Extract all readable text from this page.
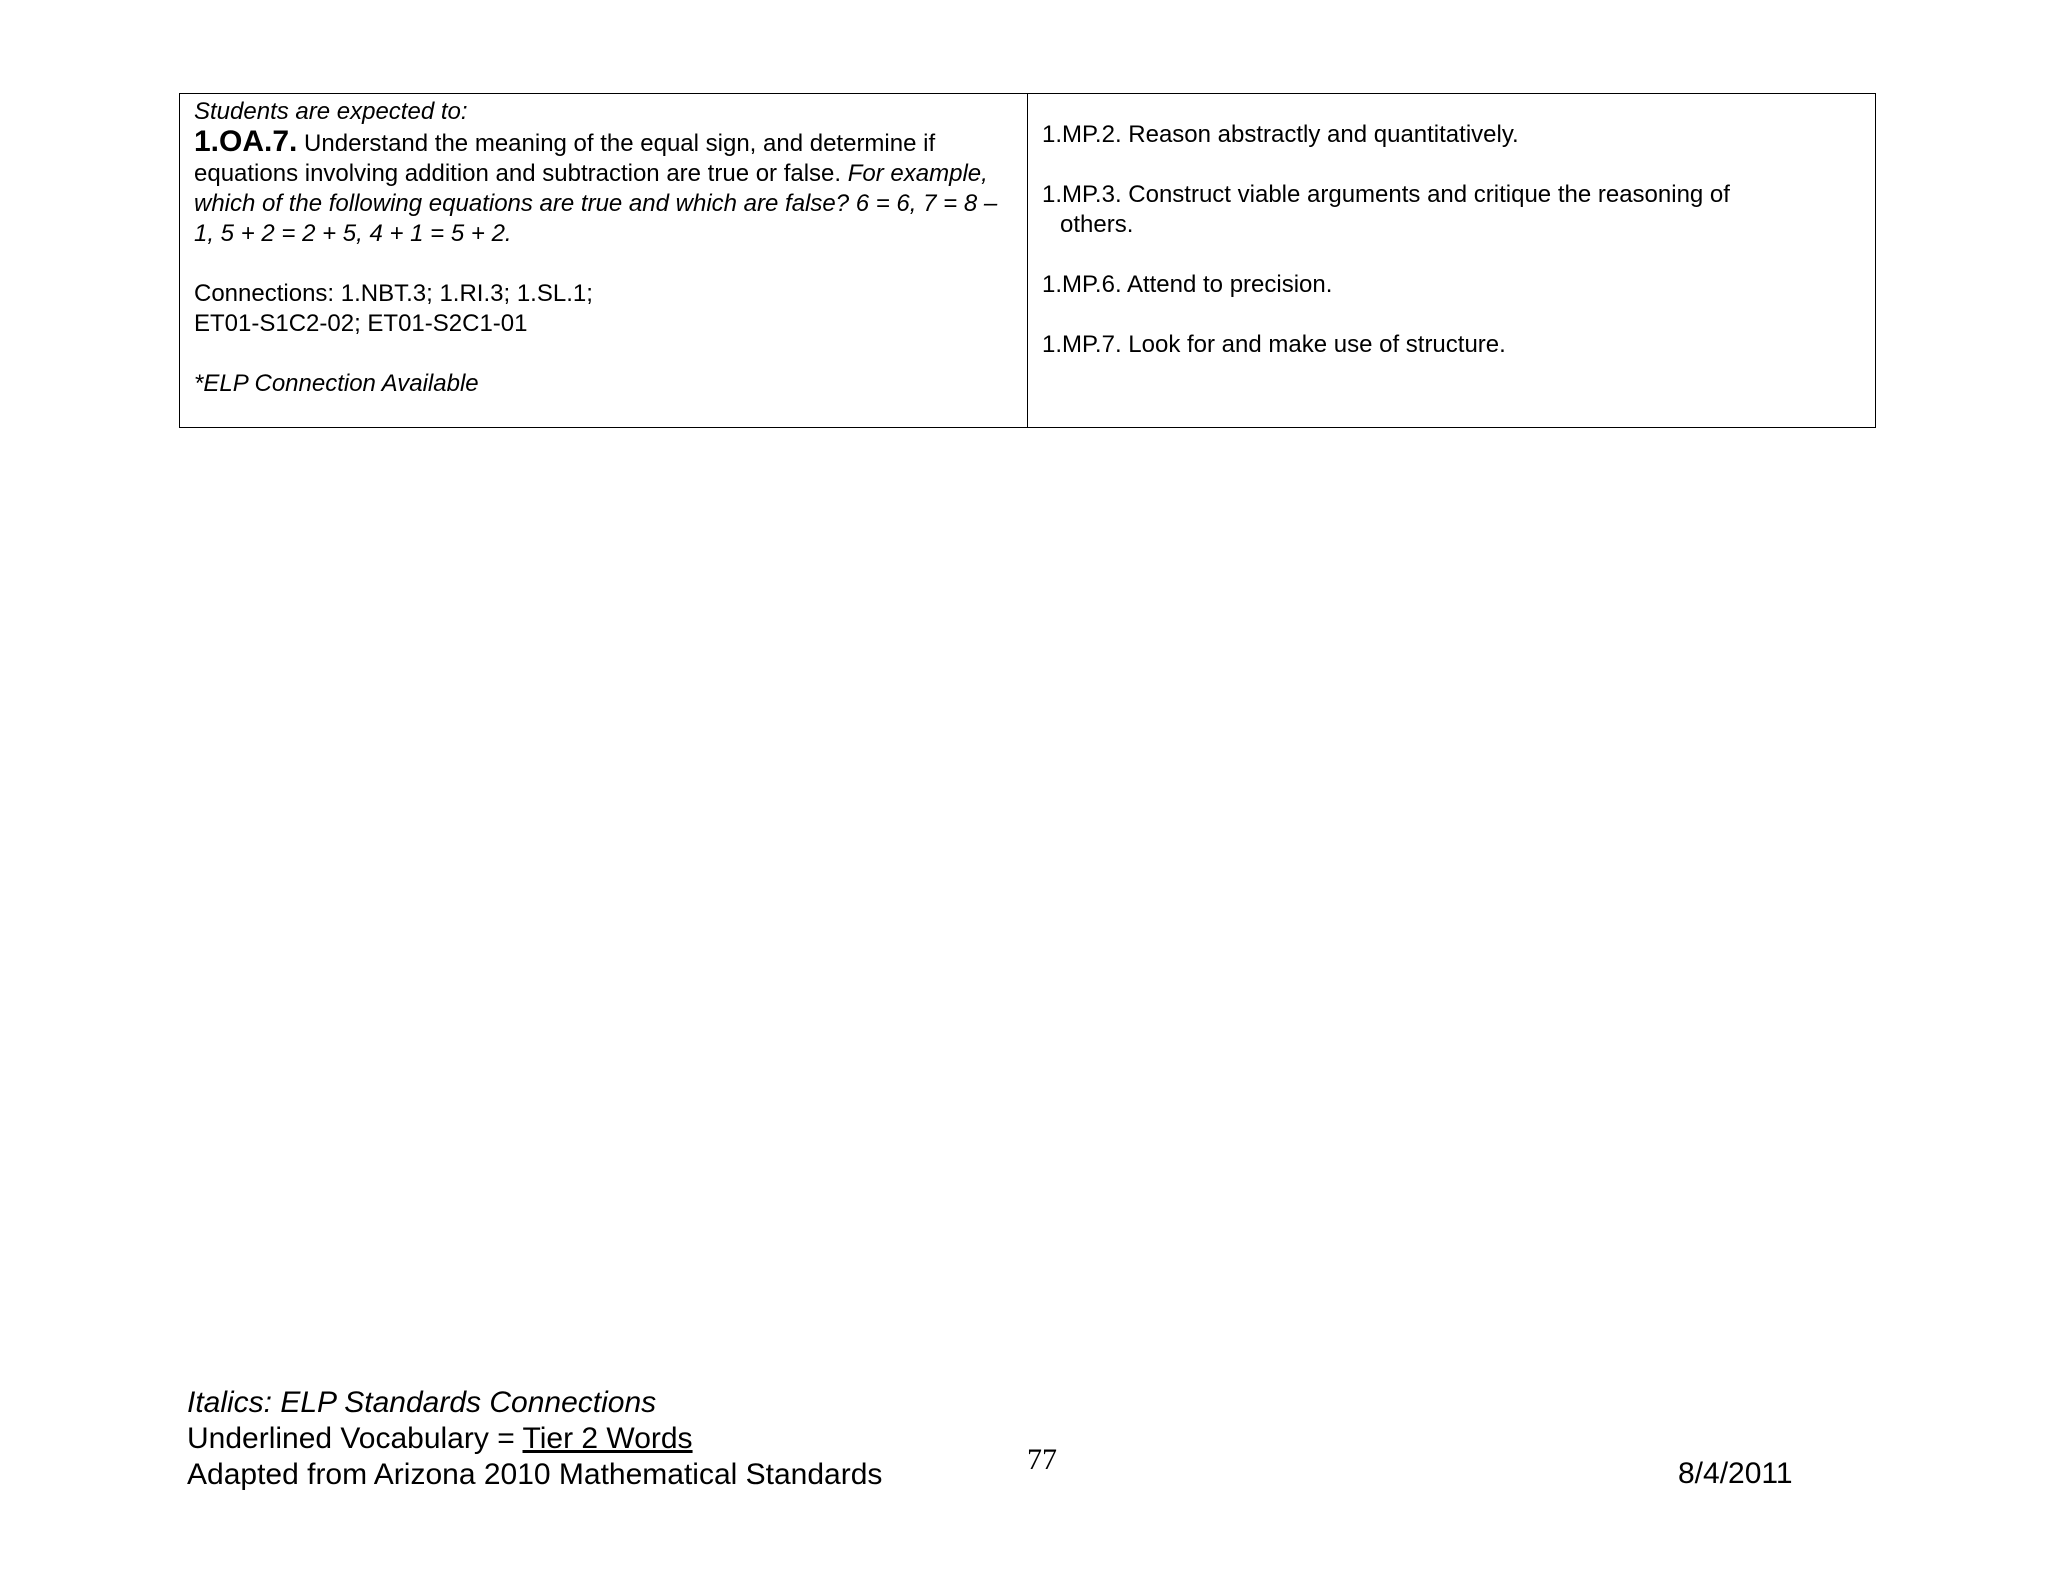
Students are expected to:
1.OA.7. Understand the meaning of the equal sign, and determine if equations involving addition and subtraction are true or false. For example, which of the following equations are true and which are false? 6 = 6, 7 = 8 – 1, 5 + 2 = 2 + 5, 4 + 1 = 5 + 2.
Connections: 1.NBT.3; 1.RI.3; 1.SL.1;
ET01-S1C2-02; ET01-S2C1-01
*ELP Connection Available
1.MP.2. Reason abstractly and quantitatively.
1.MP.3. Construct viable arguments and critique the reasoning of
others.
1.MP.6. Attend to precision.
1.MP.7. Look for and make use of structure.
Italics: ELP Standards Connections
Underlined Vocabulary = Tier 2 Words
Adapted from Arizona 2010 Mathematical Standards	77	8/4/2011
